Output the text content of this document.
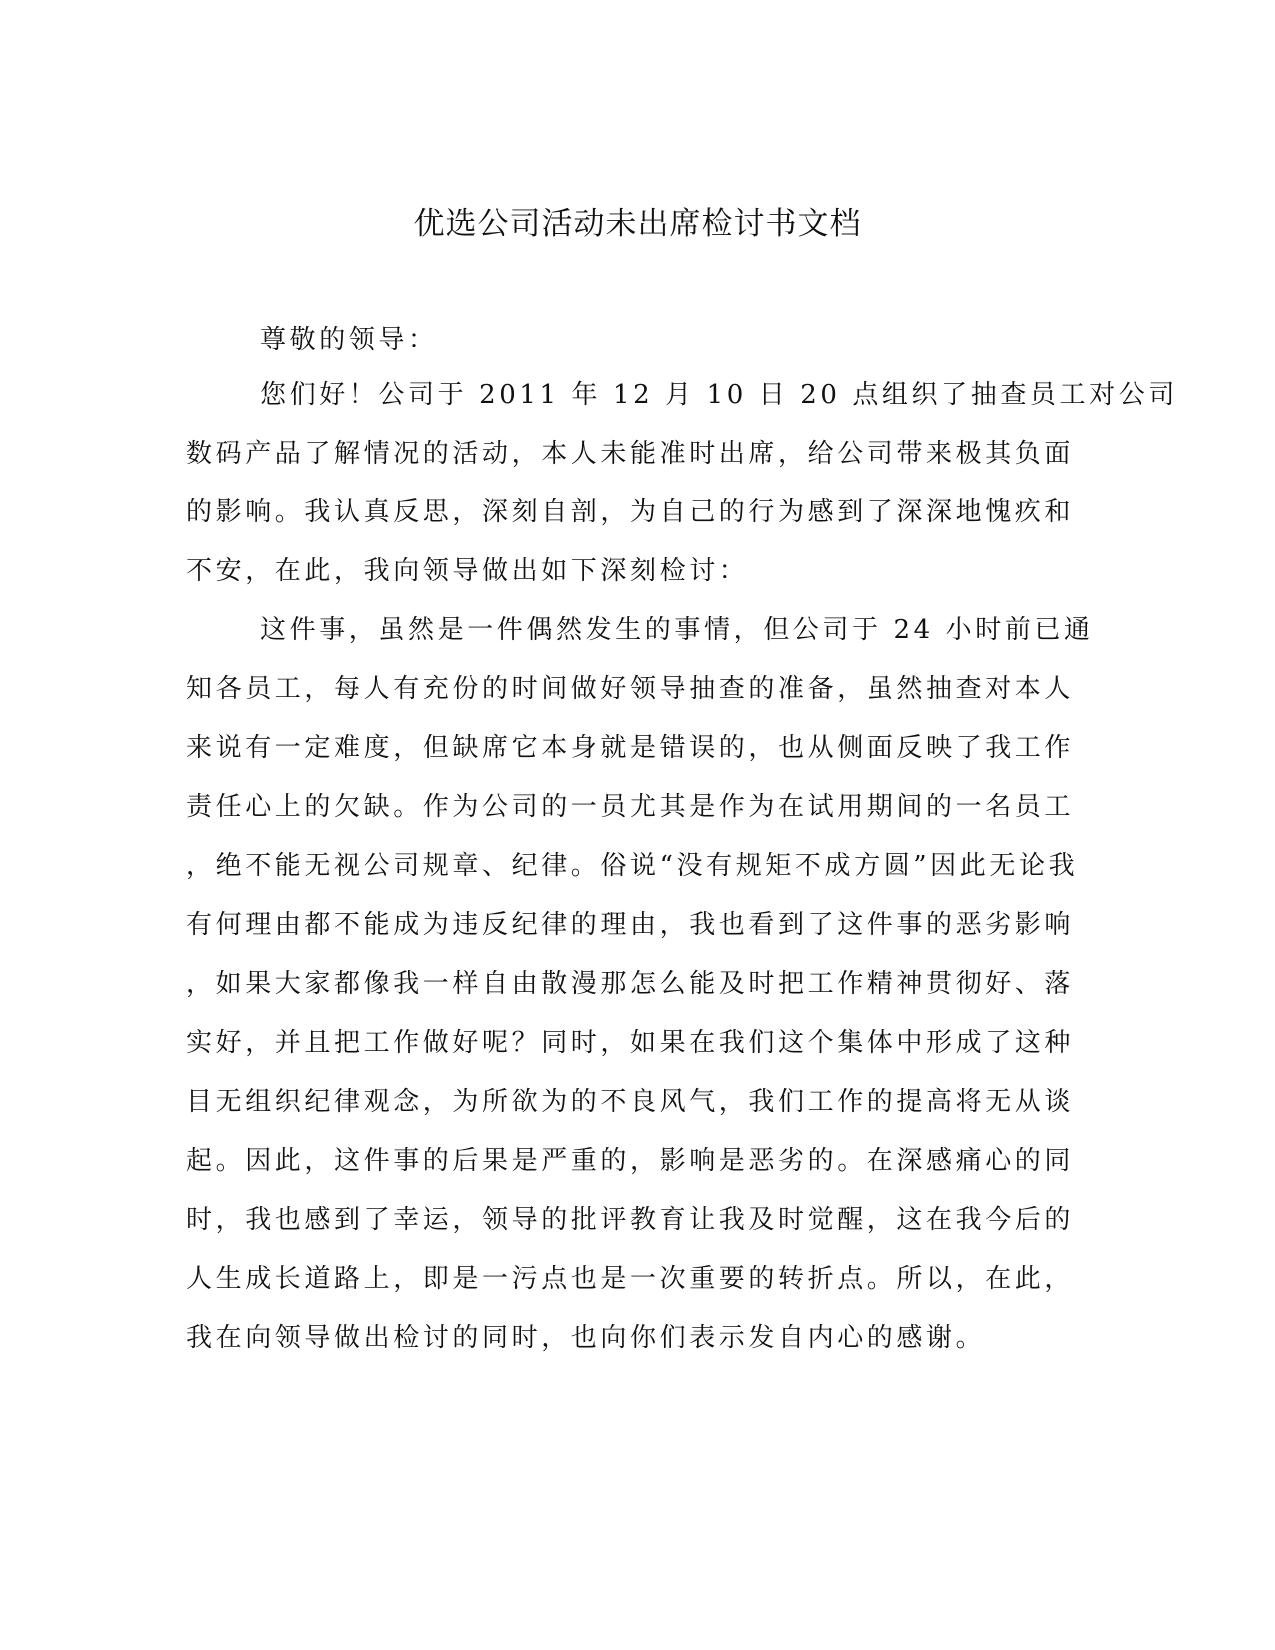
优选公司活动未出席检讨书文档
尊敬的领导：
您们好！公司于 2011 年 12 月 10 日 20 点组织了抽查员工对公司
数码产品了解情况的活动，本人未能准时出席，给公司带来极其负面
的影响。我认真反思，深刻自剖，为自己的行为感到了深深地愧疚和
不安，在此，我向领导做出如下深刻检讨：
这件事，虽然是一件偶然发生的事情，但公司于 24 小时前已通
知各员工，每人有充份的时间做好领导抽查的准备，虽然抽查对本人
来说有一定难度，但缺席它本身就是错误的，也从侧面反映了我工作
责任心上的欠缺。作为公司的一员尤其是作为在试用期间的一名员工
，绝不能无视公司规章、纪律。俗说“没有规矩不成方圆”因此无论我
有何理由都不能成为违反纪律的理由，我也看到了这件事的恶劣影响
，如果大家都像我一样自由散漫那怎么能及时把工作精神贯彻好、落
实好，并且把工作做好呢？同时，如果在我们这个集体中形成了这种
目无组织纪律观念，为所欲为的不良风气，我们工作的提高将无从谈
起。因此，这件事的后果是严重的，影响是恶劣的。在深感痛心的同
时，我也感到了幸运，领导的批评教育让我及时觉醒，这在我今后的
人生成长道路上，即是一污点也是一次重要的转折点。所以，在此，
我在向领导做出检讨的同时，也向你们表示发自内心的感谢。
